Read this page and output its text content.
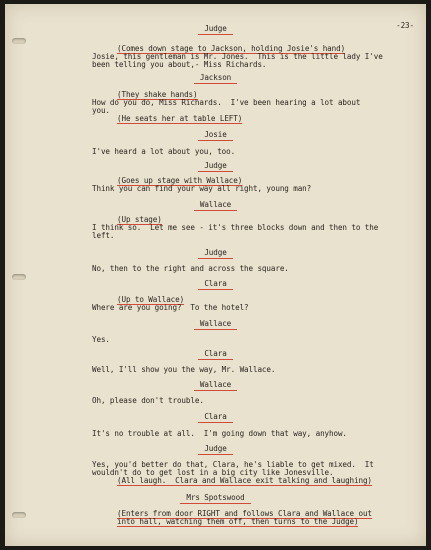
-23-

Judge

(Comes down stage to Jackson, holding Josie's hand)

Josie, this gentleman is Mr. Jones.  This is the little lady I've

been telling you about,- Miss Richards.

Jackson

(They shake hands)

How do you do, Miss Richards.  I've been hearing a lot about

you.

(He seats her at table LEFT)

Josie

I've heard a lot about you, too.

Judge

(Goes up stage with Wallace)

Think you can find your way all right, young man?

Wallace

(Up stage)

I think so.  Let me see - it's three blocks down and then to the

left.

Judge

No, then to the right and across the square.

Clara

(Up to Wallace)

Where are you going?  To the hotel?

Wallace

Yes.

Clara

Well, I'll show you the way, Mr. Wallace.

Wallace

Oh, please don't trouble.

Clara

It's no trouble at all.  I'm going down that way, anyhow.

Judge

Yes, you'd better do that, Clara, he's liable to get mixed.  It

wouldn't do to get lost in a big city like Jonesville.

(All laugh.  Clara and Wallace exit talking and laughing)

Mrs Spotswood

(Enters from door RIGHT and follows Clara and Wallace out

into hall, watching them off, then turns to the Judge)
